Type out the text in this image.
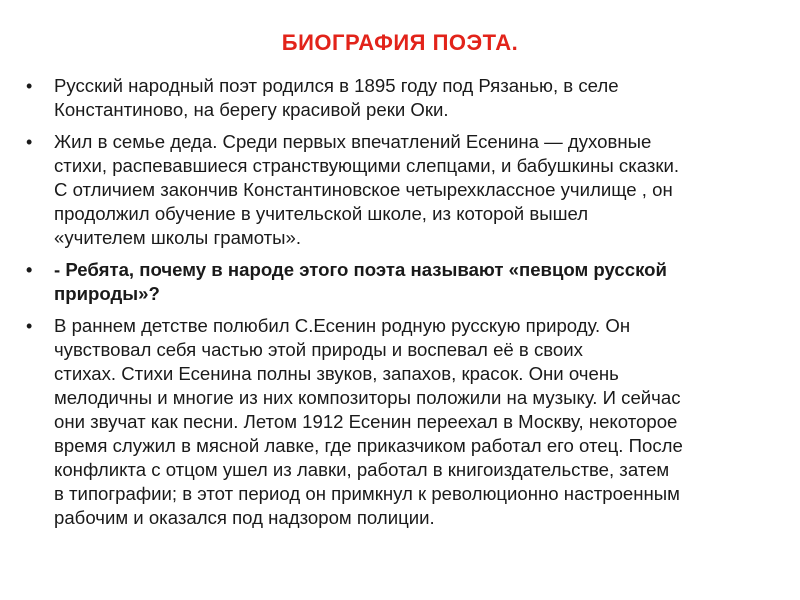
БИОГРАФИЯ ПОЭТА.
•	Русский народный поэт родился в 1895 году под Рязанью, в селе
Константиново, на берегу красивой реки Оки.
•	Жил в семье деда. Среди первых впечатлений Есенина — духовные
стихи, распевавшиеся странствующими слепцами, и бабушкины сказки.
С отличием закончив Константиновское четырехклассное училище , он
продолжил обучение в учительской школе, из которой вышел
«учителем школы грамоты».
•	- Ребята, почему в народе этого поэта называют «певцом русской
природы»?
•	В раннем детстве полюбил С.Есенин родную русскую природу. Он
чувствовал себя частью этой природы и воспевал её в своих
стихах. Стихи Есенина полны звуков, запахов, красок. Они очень
мелодичны и многие из них композиторы положили на музыку. И сейчас
они звучат как песни. Летом 1912 Есенин переехал в Москву, некоторое
время служил в мясной лавке, где приказчиком работал его отец. После
конфликта с отцом ушел из лавки, работал в книгоиздательстве, затем
в типографии; в этот период он примкнул к революционно настроенным
рабочим и оказался под надзором полиции.
